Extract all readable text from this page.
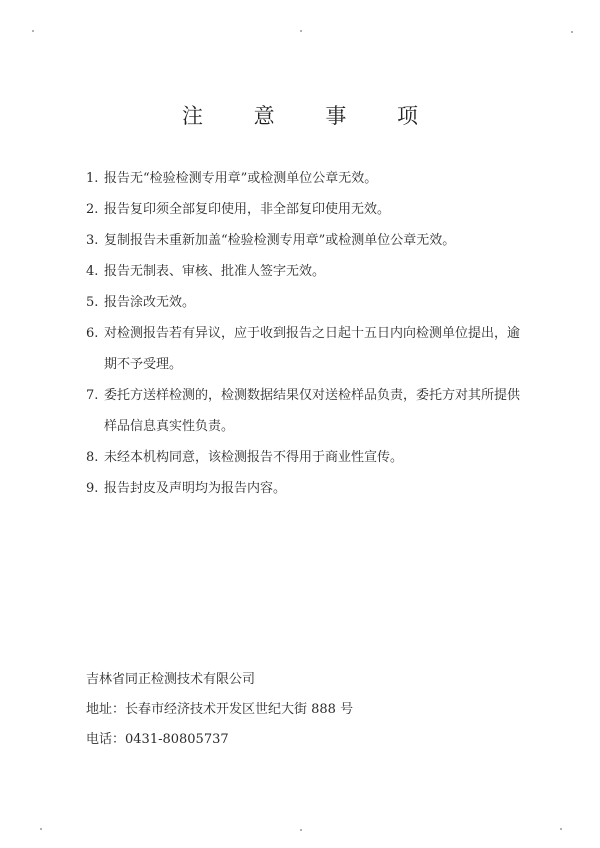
注 意 事 项
1. 报告无“检验检测专用章”或检测单位公章无效。
2. 报告复印须全部复印使用，非全部复印使用无效。
3. 复制报告未重新加盖“检验检测专用章”或检测单位公章无效。
4. 报告无制表、审核、批准人签字无效。
5. 报告涂改无效。
6. 对检测报告若有异议，应于收到报告之日起十五日内向检测单位提出，逾期不予受理。
7. 委托方送样检测的，检测数据结果仅对送检样品负责，委托方对其所提供样品信息真实性负责。
8. 未经本机构同意，该检测报告不得用于商业性宣传。
9. 报告封皮及声明均为报告内容。
吉林省同正检测技术有限公司
地址：长春市经济技术开发区世纪大街 888 号
电话：0431-80805737
